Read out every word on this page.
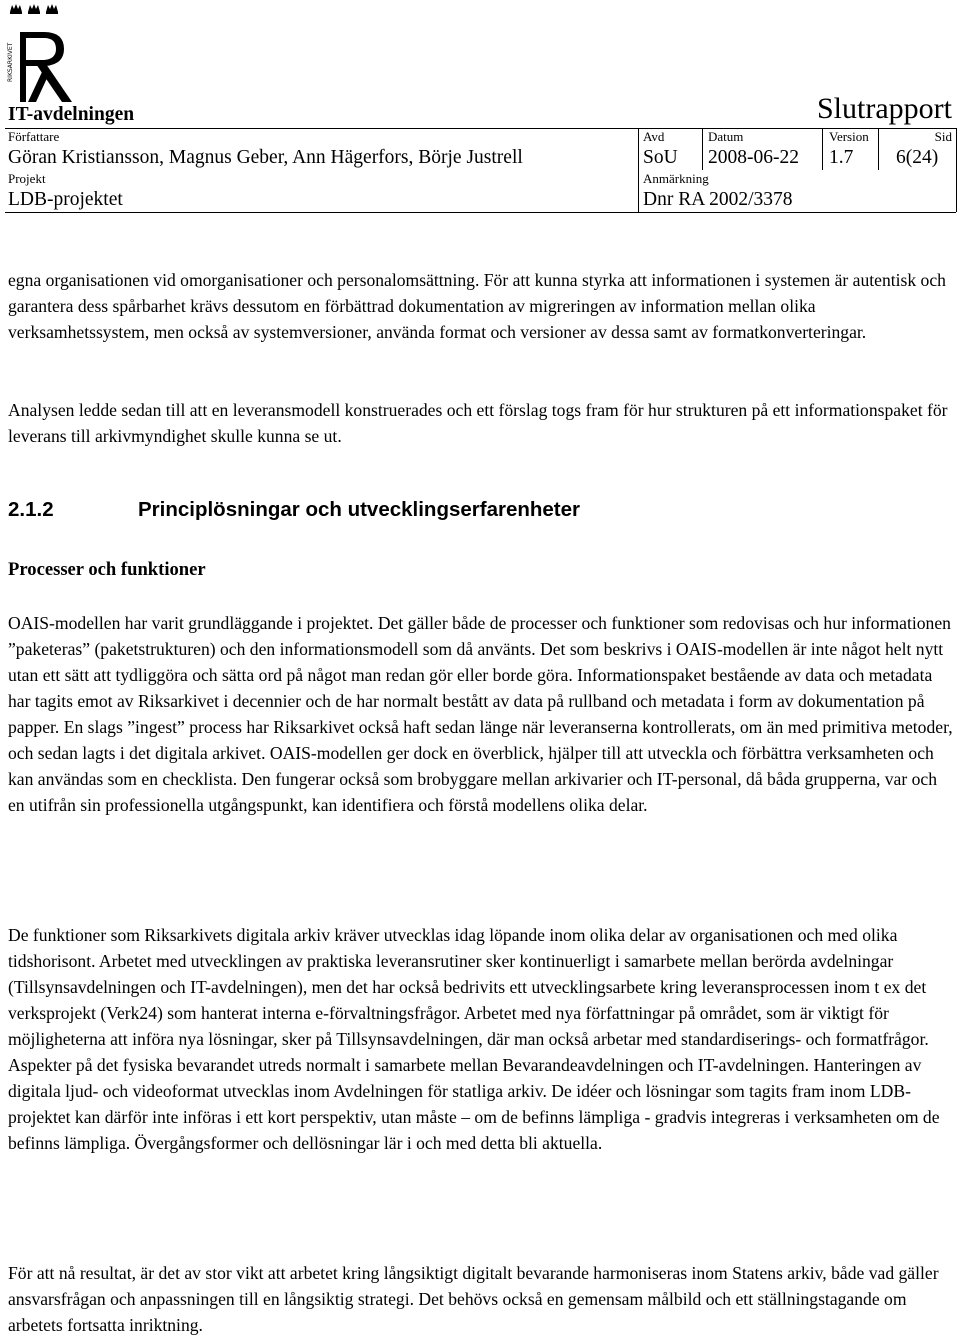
RIKSARKIVET
IT-avdelningen	Slutrapport
Författare	Avd	Datum	Version	Sid
Göran Kristiansson, Magnus Geber, Ann Hägerfors, Börje Justrell	SoU 2008-06-22 1.7 6(24)
Projekt	Anmärkning
LDB-projektet	Dnr RA 2002/3378

egna organisationen vid omorganisationer och personalomsättning. För att kunna styrka att informationen i systemen är autentisk och garantera dess spårbarhet krävs dessutom en förbättrad dokumentation av migreringen av information mellan olika verksamhetssystem, men också av systemversioner, använda format och versioner av dessa samt av formatkonverteringar.

Analysen ledde sedan till att en leveransmodell konstruerades och ett förslag togs fram för hur strukturen på ett informationspaket för leverans till arkivmyndighet skulle kunna se ut.

2.1.2	Principlösningar och utvecklingserfarenheter
Processer och funktioner

OAIS-modellen har varit grundläggande i projektet. Det gäller både de processer och funktioner som redovisas och hur informationen ”paketeras” (paketstrukturen) och den informationsmodell som då använts. Det som beskrivs i OAIS-modellen är inte något helt nytt utan ett sätt att tydliggöra och sätta ord på något man redan gör eller borde göra. Informationspaket bestående av data och metadata har tagits emot av Riksarkivet i decennier och de har normalt bestått av data på rullband och metadata i form av dokumentation på papper. En slags ”ingest” process har Riksarkivet också haft sedan länge när leveranserna kontrollerats, om än med primitiva metoder, och sedan lagts i det digitala arkivet. OAIS-modellen ger dock en överblick, hjälper till att utveckla och förbättra verksamheten och kan användas som en checklista. Den fungerar också som brobyggare mellan arkivarier och IT-personal, då båda grupperna, var och en utifrån sin professionella utgångspunkt, kan identifiera och förstå modellens olika delar.

De funktioner som Riksarkivets digitala arkiv kräver utvecklas idag löpande inom olika delar av organisationen och med olika tidshorisont. Arbetet med utvecklingen av praktiska leveransrutiner sker kontinuerligt i samarbete mellan berörda avdelningar (Tillsynsavdelningen och IT-avdelningen), men det har också bedrivits ett utvecklingsarbete kring leveransprocessen inom t ex det verksprojekt (Verk24) som hanterat interna e-förvaltningsfrågor. Arbetet med nya författningar på området, som är viktigt för möjligheterna att införa nya lösningar, sker på Tillsynsavdelningen, där man också arbetar med standardiserings- och formatfrågor. Aspekter på det fysiska bevarandet utreds normalt i samarbete mellan Bevarandeavdelningen och IT-avdelningen. Hanteringen av digitala ljud- och videoformat utvecklas inom Avdelningen för statliga arkiv. De idéer och lösningar som tagits fram inom LDB-projektet kan därför inte införas i ett kort perspektiv, utan måste – om de befinns lämpliga - gradvis integreras i verksamheten om de befinns lämpliga. Övergångsformer och dellösningar lär i och med detta bli aktuella.

För att nå resultat, är det av stor vikt att arbetet kring långsiktigt digitalt bevarande harmoniseras inom Statens arkiv, både vad gäller ansvarsfrågan och anpassningen till en långsiktig strategi. Det behövs också en gemensam målbild och ett ställningstagande om arbetets fortsatta inriktning.
